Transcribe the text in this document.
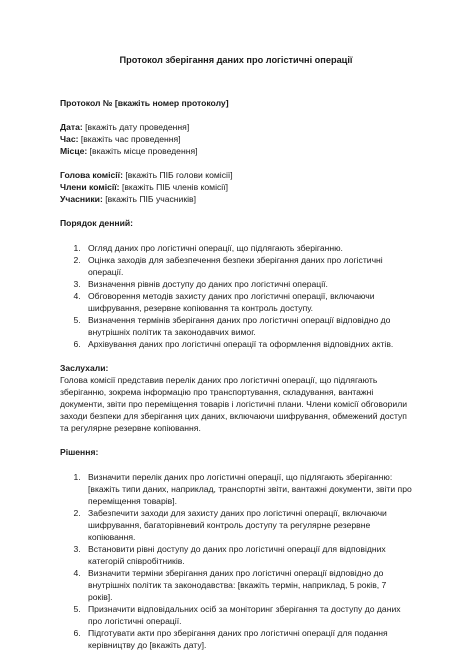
Протокол зберігання даних про логістичні операції

Протокол № [вкажіть номер протоколу]

Дата: [вкажіть дату проведення]

Час: [вкажіть час проведення]

Місце: [вкажіть місце проведення]

Голова комісії: [вкажіть ПІБ голови комісії]

Члени комісії: [вкажіть ПІБ членів комісії]

Учасники: [вкажіть ПІБ учасників]

Порядок денний:

1. Огляд даних про логістичні операції, що підлягають зберіганню.
2. Оцінка заходів для забезпечення безпеки зберігання даних про логістичні операції.
3. Визначення рівнів доступу до даних про логістичні операції.
4. Обговорення методів захисту даних про логістичні операції, включаючи шифрування, резервне копіювання та контроль доступу.
5. Визначення термінів зберігання даних про логістичні операції відповідно до внутрішніх політик та законодавчих вимог.
6. Архівування даних про логістичні операції та оформлення відповідних актів.

Заслухали:

Голова комісії представив перелік даних про логістичні операції, що підлягають зберіганню, зокрема інформацію про транспортування, складування, вантажні документи, звіти про переміщення товарів і логістичні плани. Члени комісії обговорили заходи безпеки для зберігання цих даних, включаючи шифрування, обмежений доступ та регулярне резервне копіювання.

Рішення:

1. Визначити перелік даних про логістичні операції, що підлягають зберіганню: [вкажіть типи даних, наприклад, транспортні звіти, вантажні документи, звіти про переміщення товарів].
2. Забезпечити заходи для захисту даних про логістичні операції, включаючи шифрування, багаторівневий контроль доступу та регулярне резервне копіювання.
3. Встановити рівні доступу до даних про логістичні операції для відповідних категорій співробітників.
4. Визначити терміни зберігання даних про логістичні операції відповідно до внутрішніх політик та законодавства: [вкажіть термін, наприклад, 5 років, 7 років].
5. Призначити відповідальних осіб за моніторинг зберігання та доступу до даних про логістичні операції.
6. Підготувати акти про зберігання даних про логістичні операції для подання керівництву до [вкажіть дату].
